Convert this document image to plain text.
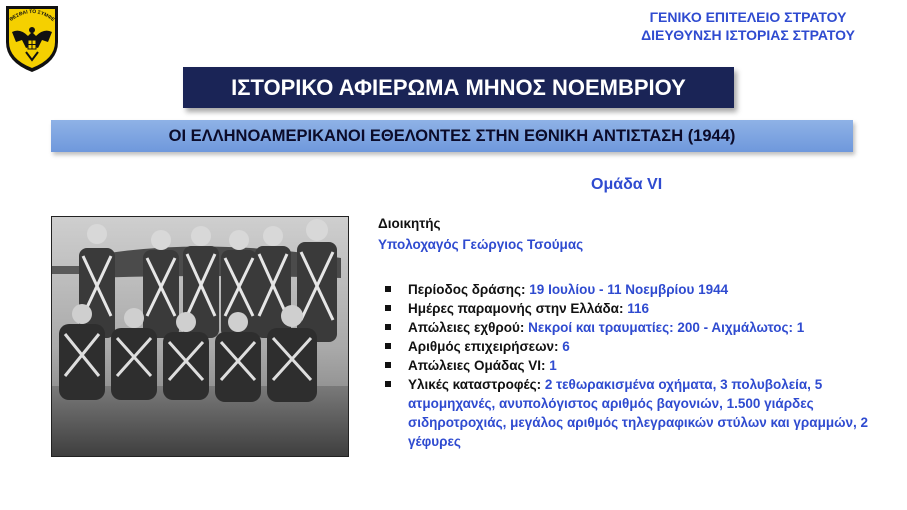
ΘΕΣΘΑΙ ΤΟ ΣΥΜΦΕ	ΓΕΝΙΚΟ ΕΠΙΤΕΛΕΙΟ ΣΤΡΑΤΟΥ
ΔΙΕΥΘΥΝΣΗ ΙΣΤΟΡΙΑΣ ΣΤΡΑΤΟΥ
ΙΣΤΟΡΙΚΟ ΑΦΙΕΡΩΜΑ ΜΗΝΟΣ ΝΟΕΜΒΡΙΟΥ
ΟΙ ΕΛΛΗΝΟΑΜΕΡΙΚΑΝΟΙ ΕΘΕΛΟΝΤΕΣ ΣΤΗΝ ΕΘΝΙΚΗ ΑΝΤΙΣΤΑΣΗ (1944)
Ομάδα VI
Διοικητής
Υπολοχαγός Γεώργιος Τσούμας
Περίοδος δράσης: 19 Ιουλίου - 11 Νοεμβρίου 1944
Ημέρες παραμονής στην Ελλάδα: 116
Απώλειες εχθρού: Νεκροί και τραυματίες: 200 - Αιχμάλωτος: 1
Αριθμός επιχειρήσεων: 6
Απώλειες Ομάδας VI: 1
Υλικές καταστροφές: 2 τεθωρακισμένα οχήματα, 3 πολυβολεία, 5 ατμομηχανές, ανυπολόγιστος αριθμός βαγονιών, 1.500 γιάρδες σιδηροτροχιάς, μεγάλος αριθμός τηλεγραφικών στύλων και γραμμών, 2 γέφυρες
